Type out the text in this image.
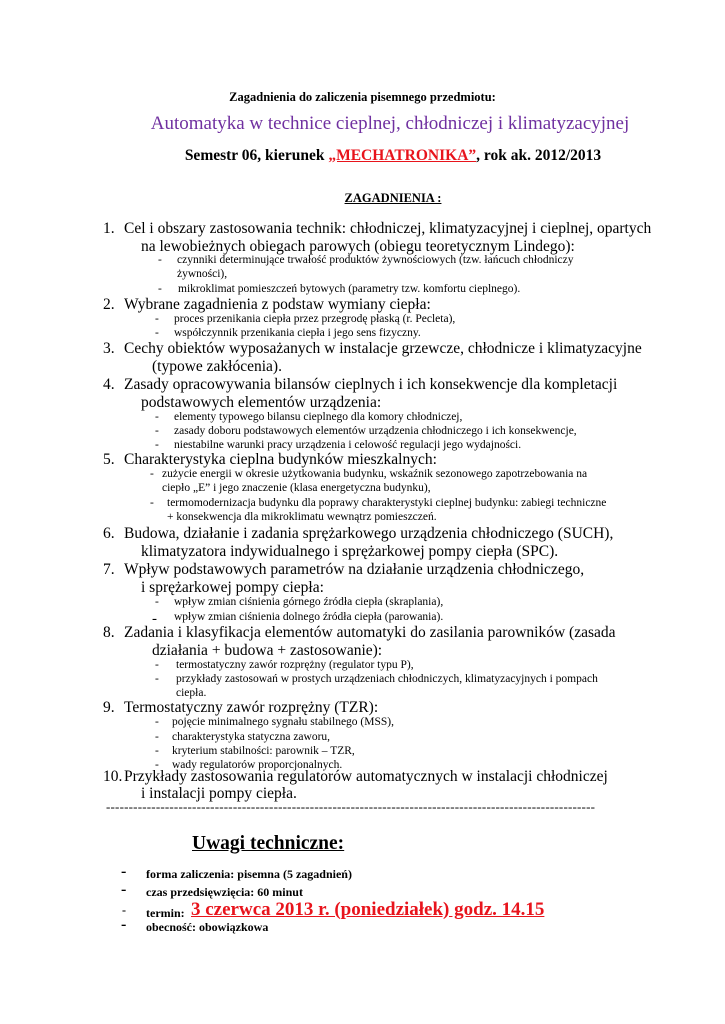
Zagadnienia do zaliczenia pisemnego przedmiotu:
Automatyka w technice cieplnej, chłodniczej i klimatyzacyjnej
Semestr 06, kierunek „MECHATRONIKA”, rok ak. 2012/2013
ZAGADNIENIA :
1. Cel i obszary zastosowania technik: chłodniczej, klimatyzacyjnej i cieplnej, opartych
na lewobieżnych obiegach parowych (obiegu teoretycznym Lindego):
- czynniki determinujące trwałość produktów żywnościowych (tzw. łańcuch chłodniczy
żywności),
- mikroklimat pomieszczeń bytowych (parametry tzw. komfortu cieplnego).
2. Wybrane zagadnienia z podstaw wymiany ciepła:
- proces przenikania ciepła przez przegrodę płaską (r. Pecleta),
- współczynnik przenikania ciepła i jego sens fizyczny.
3. Cechy obiektów wyposażanych w instalacje grzewcze, chłodnicze i klimatyzacyjne
(typowe zakłócenia).
4. Zasady opracowywania bilansów cieplnych i ich konsekwencje dla kompletacji
podstawowych elementów urządzenia:
- elementy typowego bilansu cieplnego dla komory chłodniczej,
- zasady doboru podstawowych elementów urządzenia chłodniczego i ich konsekwencje,
- niestabilne warunki pracy urządzenia i celowość regulacji jego wydajności.
5. Charakterystyka cieplna budynków mieszkalnych:
- zużycie energii w okresie użytkowania budynku, wskaźnik sezonowego zapotrzebowania na
ciepło „E” i jego znaczenie (klasa energetyczna budynku),
- termomodernizacja budynku dla poprawy charakterystyki cieplnej budynku: zabiegi techniczne
+ konsekwencja dla mikroklimatu wewnątrz pomieszczeń.
6. Budowa, działanie i zadania sprężarkowego urządzenia chłodniczego (SUCH),
klimatyzatora indywidualnego i sprężarkowej pompy ciepła (SPC).
7. Wpływ podstawowych parametrów na działanie urządzenia chłodniczego,
i sprężarkowej pompy ciepła:
- wpływ zmian ciśnienia górnego źródła ciepła (skraplania),
- wpływ zmian ciśnienia dolnego źródła ciepła (parowania).
8. Zadania i klasyfikacja elementów automatyki do zasilania parowników (zasada
działania + budowa + zastosowanie):
- termostatyczny zawór rozprężny (regulator typu P),
- przykłady zastosowań w prostych urządzeniach chłodniczych, klimatyzacyjnych i pompach
ciepła.
9. Termostatyczny zawór rozprężny (TZR):
- pojęcie minimalnego sygnału stabilnego (MSS),
- charakterystyka statyczna zaworu,
- kryterium stabilności: parownik – TZR,
- wady regulatorów proporcjonalnych.
10. Przykłady zastosowania regulatorów automatycznych w instalacji chłodniczej
i instalacji pompy ciepła.
------------------------------------------------------------------------------------------------------------
Uwagi techniczne:
- forma zaliczenia: pisemna (5 zagadnień)
- czas przedsięwzięcia: 60 minut
- termin: 3 czerwca 2013 r. (poniedziałek) godz. 14.15
- obecność: obowiązkowa
